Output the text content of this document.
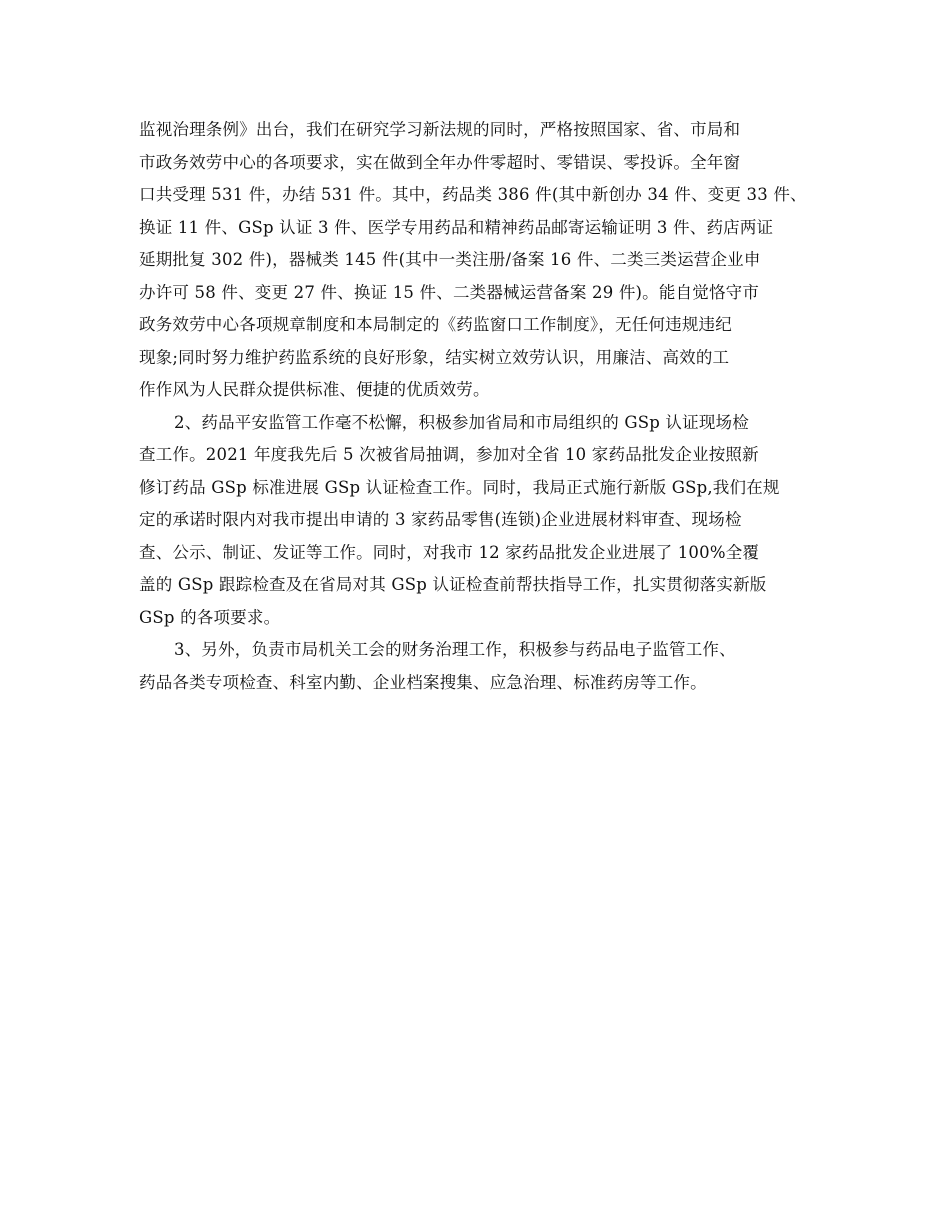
监视治理条例》出台，我们在研究学习新法规的同时，严格按照国家、省、市局和
市政务效劳中心的各项要求，实在做到全年办件零超时、零错误、零投诉。全年窗
口共受理 531 件，办结 531 件。其中，药品类 386 件(其中新创办 34 件、变更 33 件、
换证 11 件、GSp 认证 3 件、医学专用药品和精神药品邮寄运输证明 3 件、药店两证
延期批复 302 件)，器械类 145 件(其中一类注册/备案 16 件、二类三类运营企业申
办许可 58 件、变更 27 件、换证 15 件、二类器械运营备案 29 件)。能自觉恪守市
政务效劳中心各项规章制度和本局制定的《药监窗口工作制度》，无任何违规违纪
现象;同时努力维护药监系统的良好形象，结实树立效劳认识，用廉洁、高效的工
作作风为人民群众提供标准、便捷的优质效劳。
2、药品平安监管工作毫不松懈，积极参加省局和市局组织的 GSp 认证现场检
查工作。2021 年度我先后 5 次被省局抽调，参加对全省 10 家药品批发企业按照新
修订药品 GSp 标准进展 GSp 认证检查工作。同时，我局正式施行新版 GSp,我们在规
定的承诺时限内对我市提出申请的 3 家药品零售(连锁)企业进展材料审查、现场检
查、公示、制证、发证等工作。同时，对我市 12 家药品批发企业进展了 100%全覆
盖的 GSp 跟踪检查及在省局对其 GSp 认证检查前帮扶指导工作，扎实贯彻落实新版
GSp 的各项要求。
3、另外，负责市局机关工会的财务治理工作，积极参与药品电子监管工作、
药品各类专项检查、科室内勤、企业档案搜集、应急治理、标准药房等工作。
